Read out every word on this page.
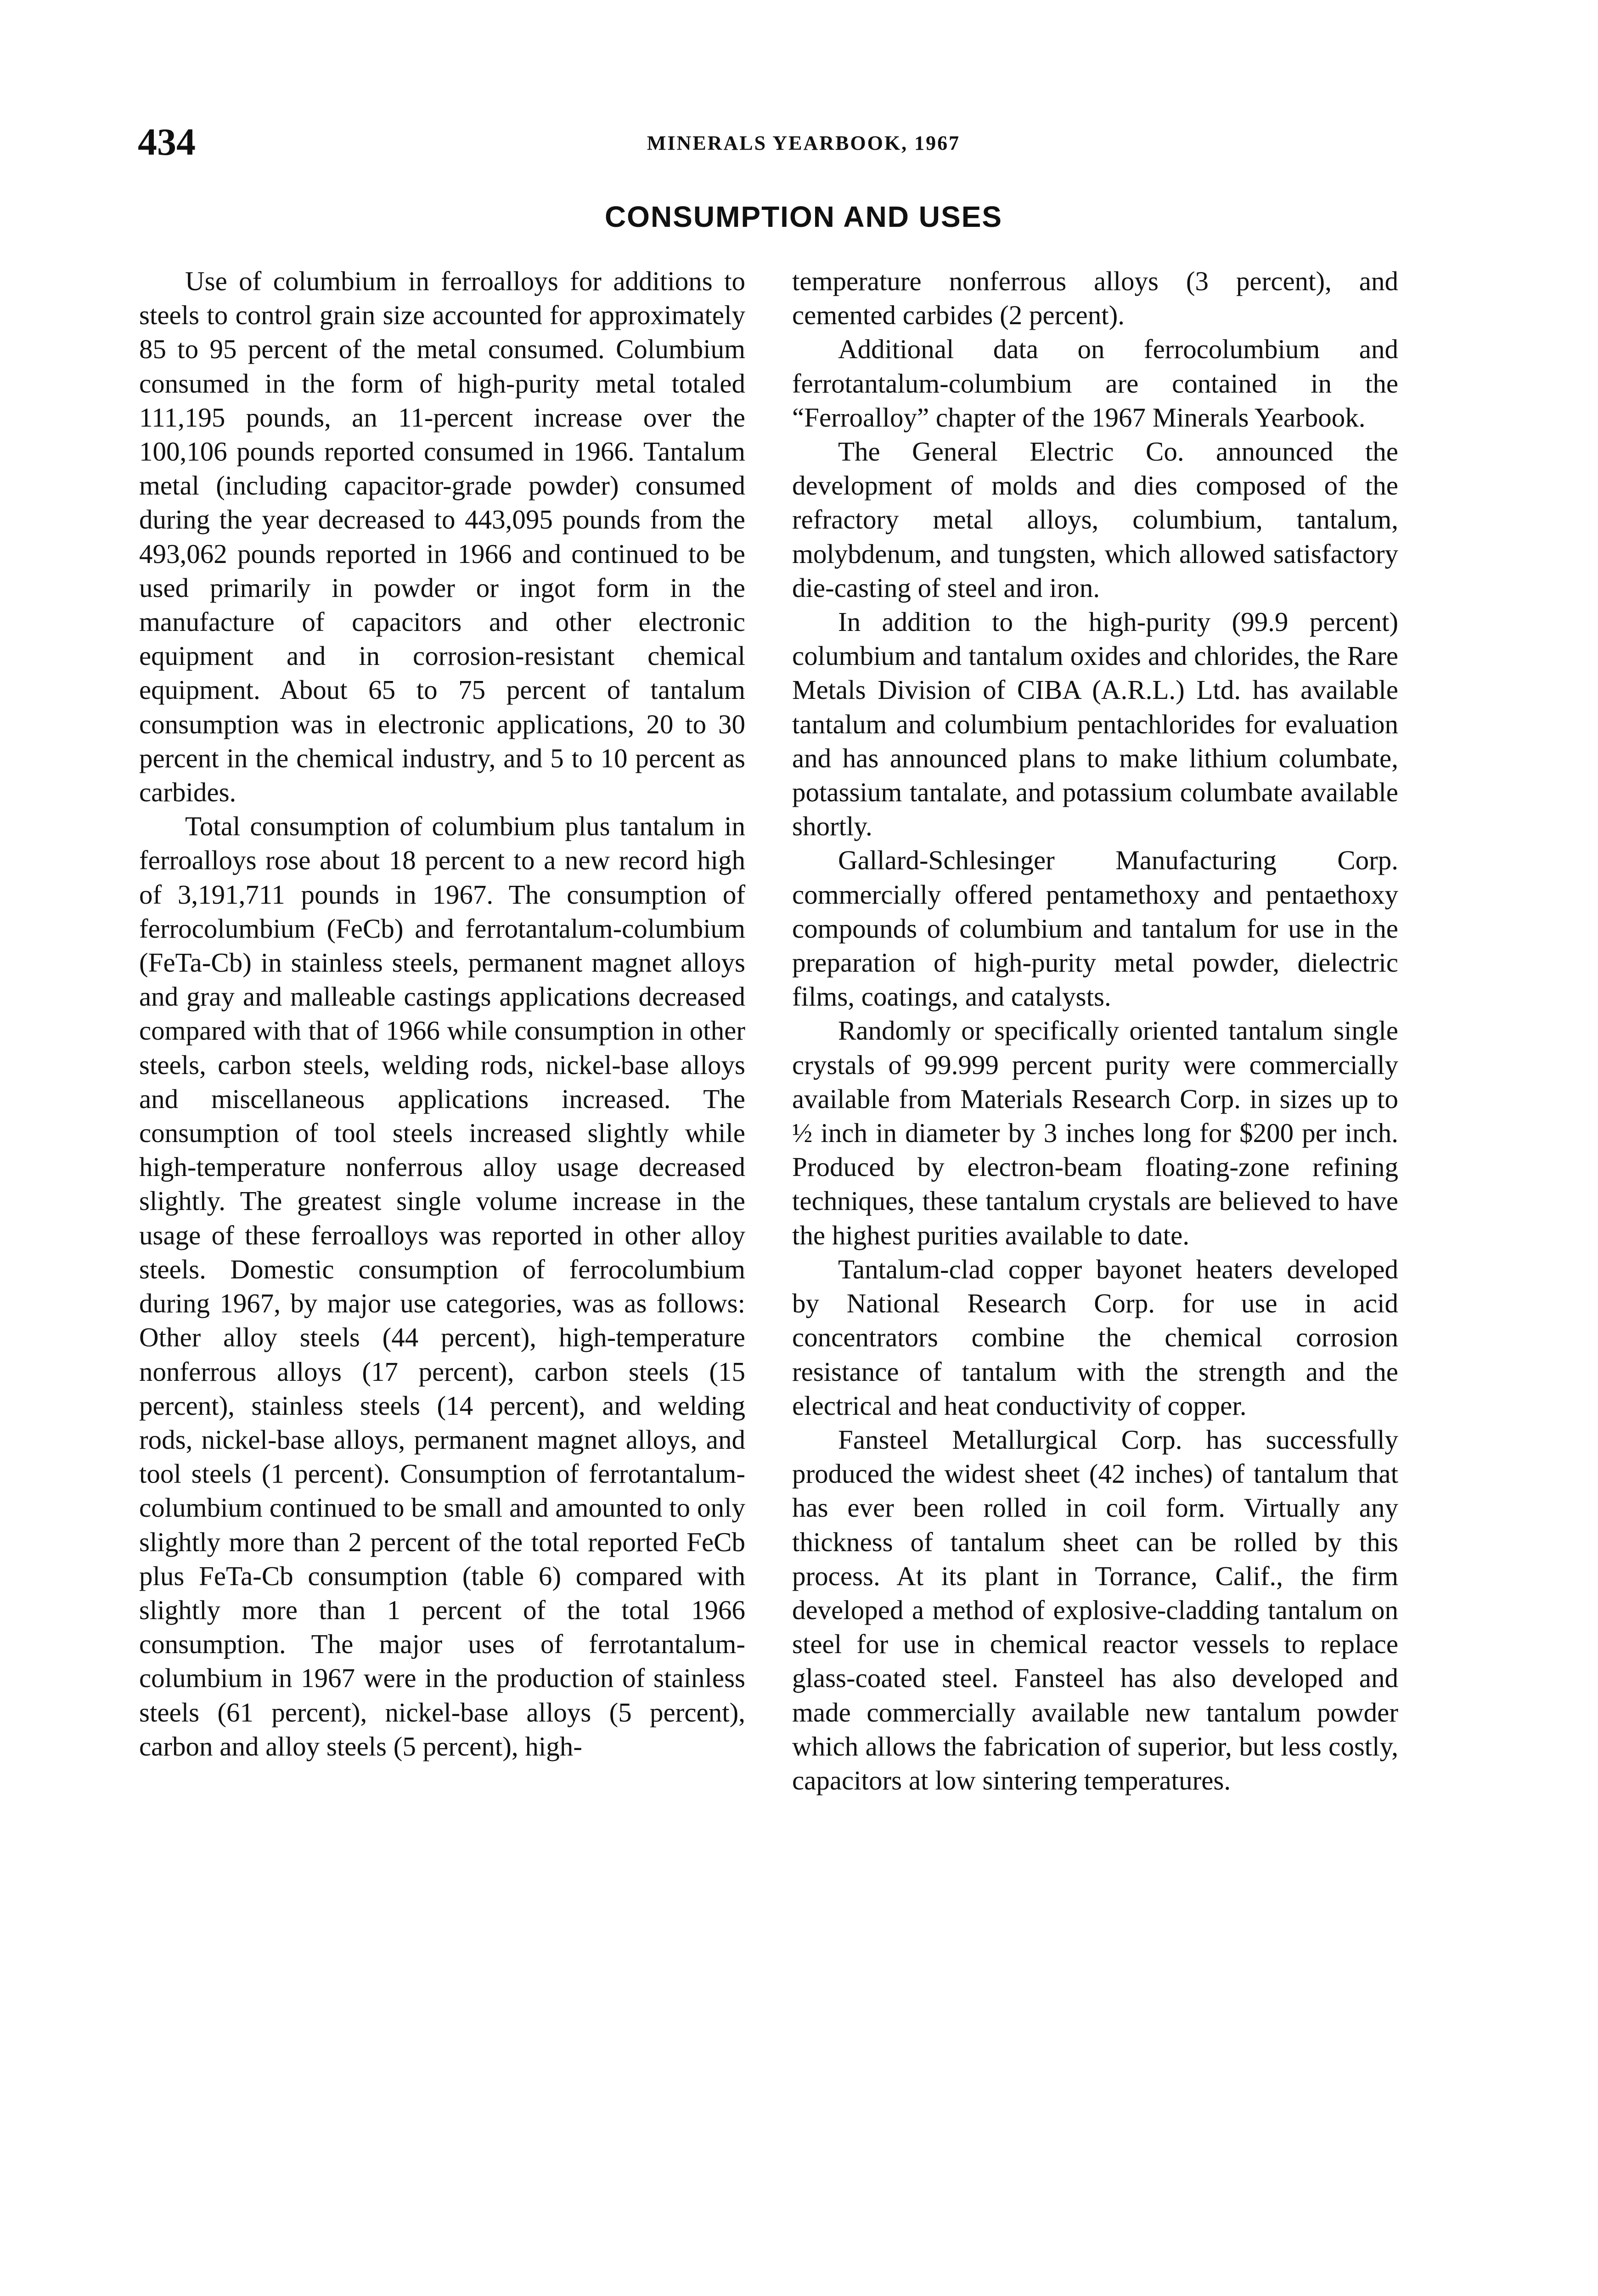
434	MINERALS YEARBOOK, 1967
CONSUMPTION AND USES

Use of columbium in ferroalloys for additions to steels to control grain size accounted for approximately 85 to 95 percent of the metal consumed. Columbium consumed in the form of high-purity metal totaled 111,195 pounds, an 11-percent increase over the 100,106 pounds reported consumed in 1966. Tantalum metal (including capacitor-grade powder) consumed during the year decreased to 443,095 pounds from the 493,062 pounds reported in 1966 and continued to be used primarily in powder or ingot form in the manufacture of capacitors and other electronic equipment and in corrosion-resistant chemical equipment. About 65 to 75 percent of tantalum consumption was in electronic applications, 20 to 30 percent in the chemical industry, and 5 to 10 percent as carbides.

Total consumption of columbium plus tantalum in ferroalloys rose about 18 percent to a new record high of 3,191,711 pounds in 1967. The consumption of ferrocolumbium (FeCb) and ferrotantalum-columbium (FeTa-Cb) in stainless steels, permanent magnet alloys and gray and malleable castings applications decreased compared with that of 1966 while consumption in other steels, carbon steels, welding rods, nickel-base alloys and miscellaneous applications increased. The consumption of tool steels increased slightly while high-temperature nonferrous alloy usage decreased slightly. The greatest single volume increase in the usage of these ferroalloys was reported in other alloy steels. Domestic consumption of ferrocolumbium during 1967, by major use categories, was as follows: Other alloy steels (44 percent), high-temperature nonferrous alloys (17 percent), carbon steels (15 percent), stainless steels (14 percent), and welding rods, nickel-base alloys, permanent magnet alloys, and tool steels (1 percent). Consumption of ferrotantalum-columbium continued to be small and amounted to only slightly more than 2 percent of the total reported FeCb plus FeTa-Cb consumption (table 6) compared with slightly more than 1 percent of the total 1966 consumption. The major uses of ferrotantalum-columbium in 1967 were in the production of stainless steels (61 percent), nickel-base alloys (5 percent), carbon and alloy steels (5 percent), high-

temperature nonferrous alloys (3 percent), and cemented carbides (2 percent).

Additional data on ferrocolumbium and ferrotantalum-columbium are contained in the “Ferroalloy” chapter of the 1967 Minerals Yearbook.

The General Electric Co. announced the development of molds and dies composed of the refractory metal alloys, columbium, tantalum, molybdenum, and tungsten, which allowed satisfactory die-casting of steel and iron.

In addition to the high-purity (99.9 percent) columbium and tantalum oxides and chlorides, the Rare Metals Division of CIBA (A.R.L.) Ltd. has available tantalum and columbium pentachlorides for evaluation and has announced plans to make lithium columbate, potassium tantalate, and potassium columbate available shortly.

Gallard-Schlesinger Manufacturing Corp. commercially offered pentamethoxy and pentaethoxy compounds of columbium and tantalum for use in the preparation of high-purity metal powder, dielectric films, coatings, and catalysts.

Randomly or specifically oriented tantalum single crystals of 99.999 percent purity were commercially available from Materials Research Corp. in sizes up to ½ inch in diameter by 3 inches long for $200 per inch. Produced by electron-beam floating-zone refining techniques, these tantalum crystals are believed to have the highest purities available to date.

Tantalum-clad copper bayonet heaters developed by National Research Corp. for use in acid concentrators combine the chemical corrosion resistance of tantalum with the strength and the electrical and heat conductivity of copper.

Fansteel Metallurgical Corp. has successfully produced the widest sheet (42 inches) of tantalum that has ever been rolled in coil form. Virtually any thickness of tantalum sheet can be rolled by this process. At its plant in Torrance, Calif., the firm developed a method of explosive-cladding tantalum on steel for use in chemical reactor vessels to replace glass-coated steel. Fansteel has also developed and made commercially available new tantalum powder which allows the fabrication of superior, but less costly, capacitors at low sintering temperatures.
